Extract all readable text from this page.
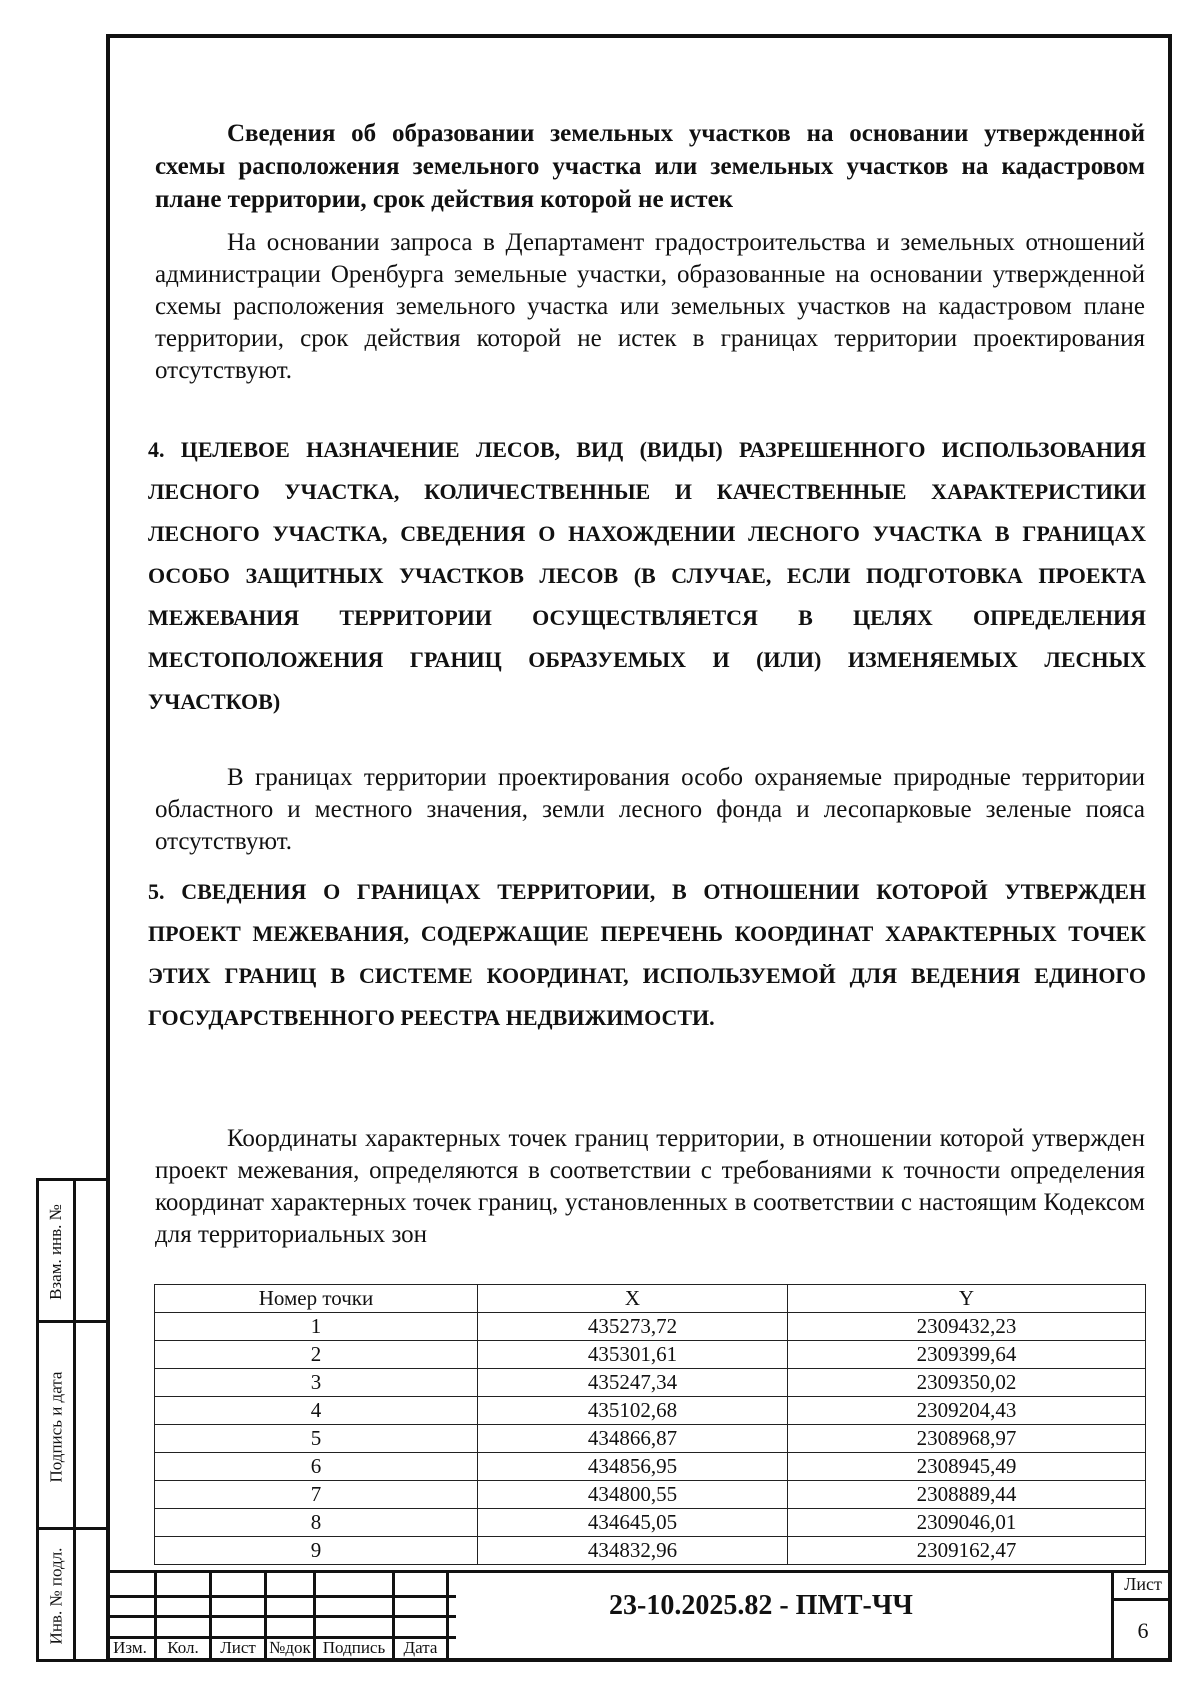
Сведения об образовании земельных участков на основании утвержденной схемы расположения земельного участка или земельных участков на кадастровом плане территории, срок действия которой не истек
На основании запроса в Департамент градостроительства и земельных отношений администрации Оренбурга земельные участки, образованные на основании утвержденной схемы расположения земельного участка или земельных участков на кадастровом плане территории, срок действия которой не истек в границах территории проектирования отсутствуют.
4. ЦЕЛЕВОЕ НАЗНАЧЕНИЕ ЛЕСОВ, ВИД (ВИДЫ) РАЗРЕШЕННОГО ИСПОЛЬЗОВАНИЯ ЛЕСНОГО УЧАСТКА, КОЛИЧЕСТВЕННЫЕ И КАЧЕСТВЕННЫЕ ХАРАКТЕРИСТИКИ ЛЕСНОГО УЧАСТКА, СВЕДЕНИЯ О НАХОЖДЕНИИ ЛЕСНОГО УЧАСТКА В ГРАНИЦАХ ОСОБО ЗАЩИТНЫХ УЧАСТКОВ ЛЕСОВ (В СЛУЧАЕ, ЕСЛИ ПОДГОТОВКА ПРОЕКТА МЕЖЕВАНИЯ ТЕРРИТОРИИ ОСУЩЕСТВЛЯЕТСЯ В ЦЕЛЯХ ОПРЕДЕЛЕНИЯ МЕСТОПОЛОЖЕНИЯ ГРАНИЦ ОБРАЗУЕМЫХ И (ИЛИ) ИЗМЕНЯЕМЫХ ЛЕСНЫХ УЧАСТКОВ)
В границах территории проектирования особо охраняемые природные территории областного и местного значения, земли лесного фонда и лесопарковые зеленые пояса отсутствуют.
5. СВЕДЕНИЯ О ГРАНИЦАХ ТЕРРИТОРИИ, В ОТНОШЕНИИ КОТОРОЙ УТВЕРЖДЕН ПРОЕКТ МЕЖЕВАНИЯ, СОДЕРЖАЩИЕ ПЕРЕЧЕНЬ КООРДИНАТ ХАРАКТЕРНЫХ ТОЧЕК ЭТИХ ГРАНИЦ В СИСТЕМЕ КООРДИНАТ, ИСПОЛЬЗУЕМОЙ ДЛЯ ВЕДЕНИЯ ЕДИНОГО ГОСУДАРСТВЕННОГО РЕЕСТРА НЕДВИЖИМОСТИ.
Координаты характерных точек границ территории, в отношении которой утвержден проект межевания, определяются в соответствии с требованиями к точности определения координат характерных точек границ, установленных в соответствии с настоящим Кодексом для территориальных зон
Номер точки	X	Y
1	435273,72	2309432,23
2	435301,61	2309399,64
3	435247,34	2309350,02
4	435102,68	2309204,43
5	434866,87	2308968,97
6	434856,95	2308945,49
7	434800,55	2308889,44
8	434645,05	2309046,01
9	434832,96	2309162,47
Взам. инв. №
Подпись и дата
Инв. № подл.
Изм.	Кол.	Лист №док Подпись	Дата
23-10.2025.82 - ПМТ-ЧЧ
Лист
6
